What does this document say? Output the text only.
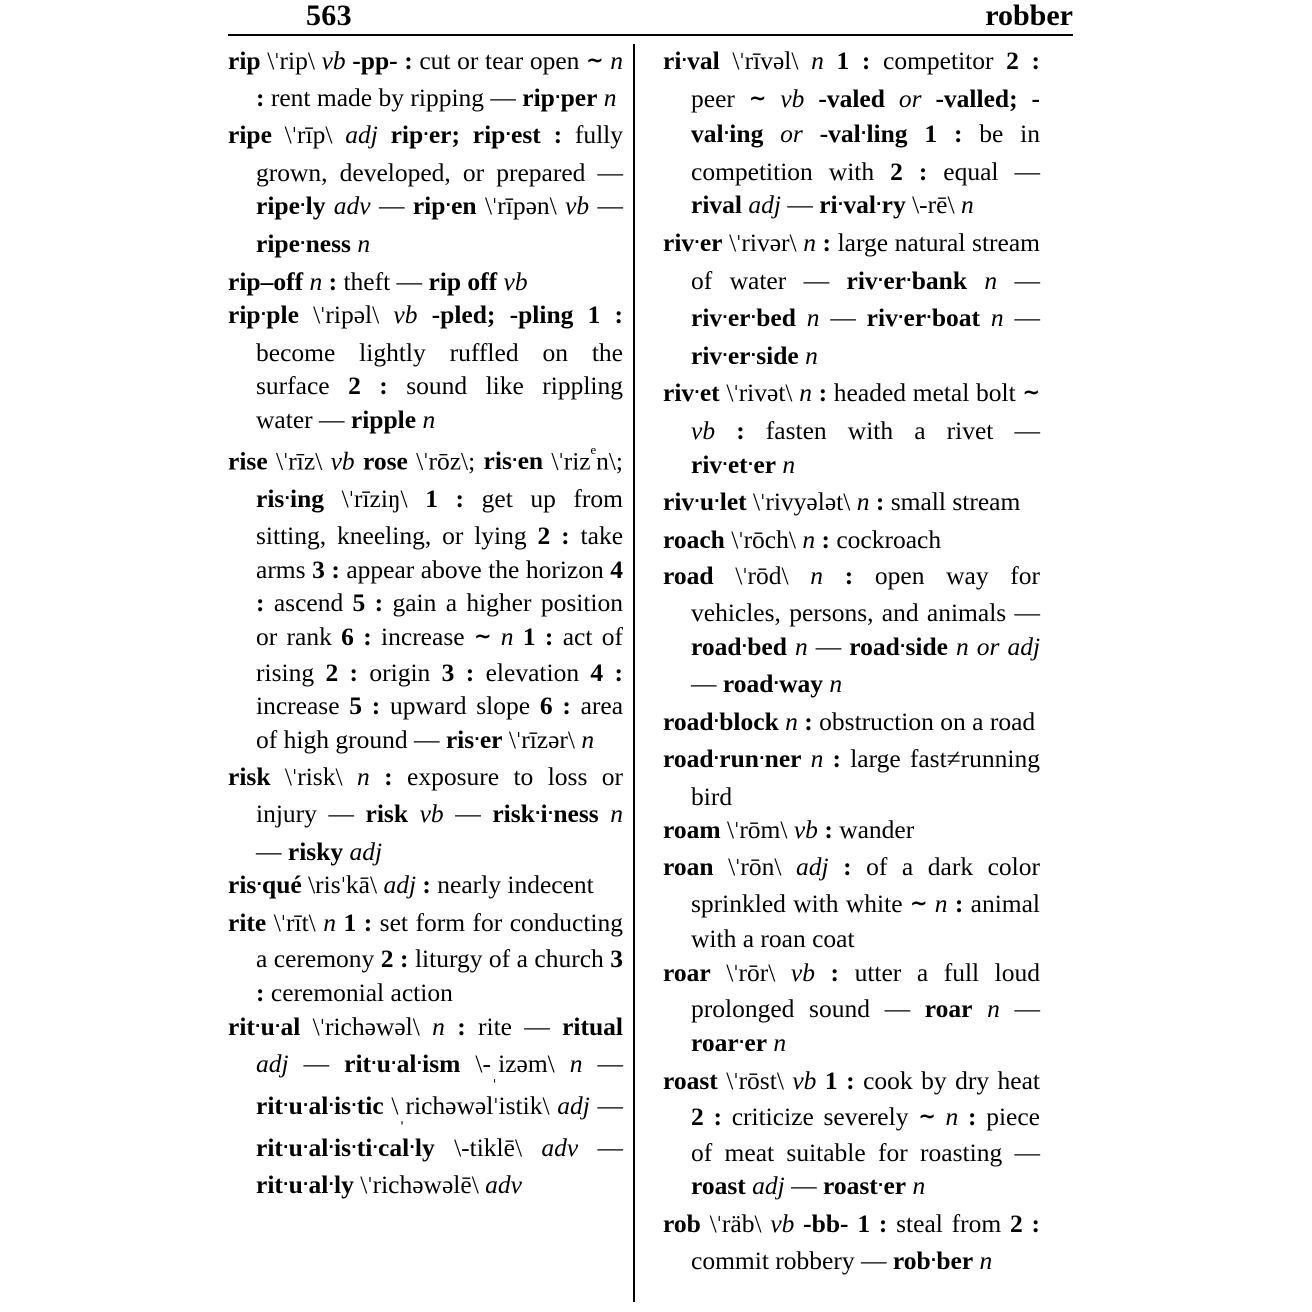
563	robber

rip \ˈrip\ vb -pp- : cut or tear open ∼ n : rent made by ripping — rip·per n

ripe \ˈrīp\ adj rip·er; rip·est : fully grown, developed, or prepared — ripe·ly adv — rip·en \ˈrīpən\ vb — ripe·ness n

rip–off n : theft — rip off vb

rip·ple \ˈripəl\ vb -pled; -pling 1 : become lightly ruffled on the surface 2 : sound like rippling water — ripple n

rise \ˈrīz\ vb rose \ˈrōz\; ris·en \ˈriz$^ᵉ$n\; ris·ing \ˈrīziŋ\ 1 : get up from sitting, kneeling, or lying 2 : take arms 3 : appear above the horizon 4 : ascend 5 : gain a higher position or rank 6 : increase ∼ n 1 : act of rising 2 : origin 3 : elevation 4 : increase 5 : upward slope 6 : area of high ground — ris·er \ˈrīzər\ n

risk \ˈrisk\ n : exposure to loss or injury — risk vb — risk·i·ness n — risky adj

ris·qué \risˈkā\ adj : nearly indecent

rite \ˈrīt\ n 1 : set form for conducting a ceremony 2 : liturgy of a church 3 : ceremonial action

rit·u·al \ˈrichəwəl\ n : rite — ritual adj — rit·u·al·ism $\backslash-_ˌizəm\backslash$ n — rit·u·al·is·tic $\backslash_ˌrichəwəlˈistik\backslash$ adj — rit·u·al·is·ti·cal·ly \-tiklē\ adv — rit·u·al·ly \ˈrichəwəlē\ adv

ri·val \ˈrīvəl\ n 1 : competitor 2 : peer ∼ vb -valed or -valled; -val·ing or -val·ling 1 : be in competition with 2 : equal — rival adj — ri·val·ry \-rē\ n

riv·er \ˈrivər\ n : large natural stream of water — riv·er·bank n — riv·er·bed n — riv·er·boat n — riv·er·side n

riv·et \ˈrivət\ n : headed metal bolt ∼ vb : fasten with a rivet — riv·et·er n

riv·u·let \ˈrivyələt\ n : small stream

roach \ˈrōch\ n : cockroach

road \ˈrōd\ n : open way for vehicles, persons, and animals — road·bed n — road·side n or adj — road·way n

road·block n : obstruction on a road

road·run·ner n : large fast≠running bird

roam \ˈrōm\ vb : wander

roan \ˈrōn\ adj : of a dark color sprinkled with white ∼ n : animal with a roan coat

roar \ˈrōr\ vb : utter a full loud prolonged sound — roar n — roar·er n

roast \ˈrōst\ vb 1 : cook by dry heat 2 : criticize severely ∼ n : piece of meat suitable for roasting — roast adj — roast·er n

rob \ˈräb\ vb -bb- 1 : steal from 2 : commit robbery — rob·ber n
